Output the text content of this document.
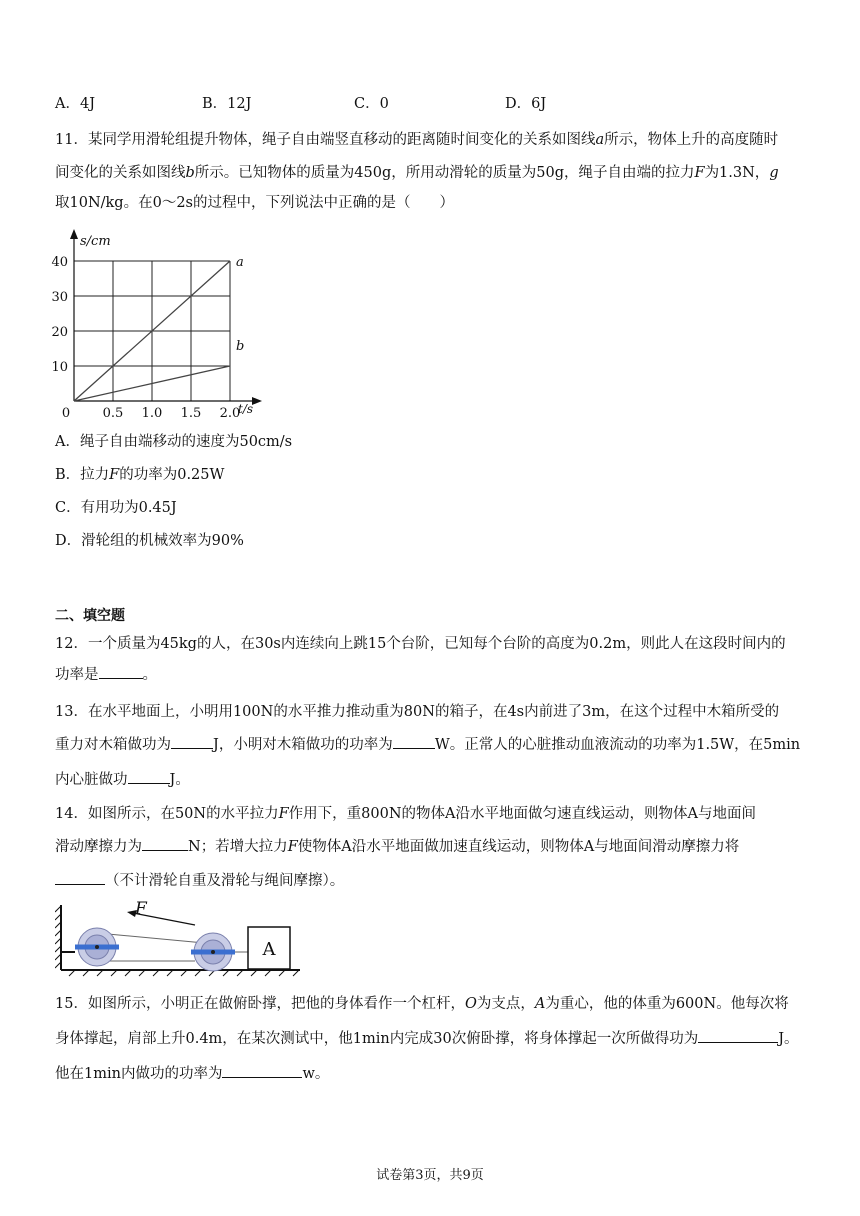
A．4J	B．12J	C．0	D．6J
11．某同学用滑轮组提升物体，绳子自由端竖直移动的距离随时间变化的关系如图线a所示，物体上升的高度随时
间变化的关系如图线b所示。已知物体的质量为450g，所用动滑轮的质量为50g，绳子自由端的拉力F为1.3N，g
取10N/kg。在0～2s的过程中，下列说法中正确的是（　　）
a
b
0	0.5 1.0 1.5 2.0
10
20
30
40
s/cm
t/s
A．绳子自由端移动的速度为50cm/s
B．拉力F的功率为0.25W
C．有用功为0.45J
D．滑轮组的机械效率为90%
二、填空题
12．一个质量为45kg的人，在30s内连续向上跳15个台阶，已知每个台阶的高度为0.2m，则此人在这段时间内的
功率是	。
13．在水平地面上，小明用100N的水平推力推动重为80N的箱子，在4s内前进了3m，在这个过程中木箱所受的
重力对木箱做功为	J，小明对木箱做功的功率为	W。正常人的心脏推动血液流动的功率为1.5W，在5min
内心脏做功	J。
14．如图所示，在50N的水平拉力F作用下，重800N的物体A沿水平地面做匀速直线运动，则物体A与地面间
滑动摩擦力为	N；若增大拉力F使物体A沿水平地面做加速直线运动，则物体A与地面间滑动摩擦力将
（不计滑轮自重及滑轮与绳间摩擦）。
F
A
15．如图所示，小明正在做俯卧撑，把他的身体看作一个杠杆，O为支点，A为重心，他的体重为600N。他每次将
身体撑起，肩部上升0.4m，在某次测试中，他1min内完成30次俯卧撑，将身体撑起一次所做得功为	J。
他在1min内做功的功率为	w。
试卷第3页，共9页
